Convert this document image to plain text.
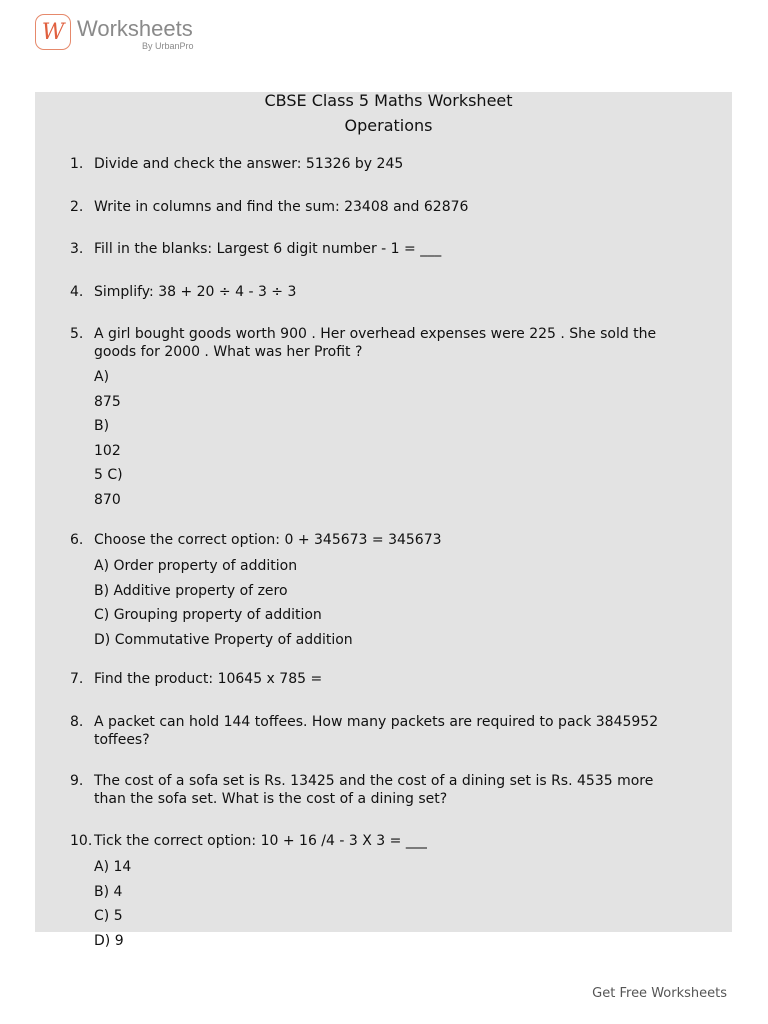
W Worksheets
By UrbanPro
CBSE Class 5 Maths Worksheet
Operations
1. Divide and check the answer: 51326 by 245
2. Write in columns and find the sum: 23408 and 62876
3. Fill in the blanks: Largest 6 digit number - 1 = ___
4. Simplify: 38 + 20 ÷ 4 - 3 ÷ 3
5. A girl bought goods worth 900 . Her overhead expenses were 225 . She sold the goods for 2000 . What was her Profit ?
A)
875
B)
102
5 C)
870
6. Choose the correct option: 0 + 345673 = 345673
A) Order property of addition
B) Additive property of zero
C) Grouping property of addition
D) Commutative Property of addition
7. Find the product: 10645 x 785 =
8. A packet can hold 144 toffees. How many packets are required to pack 3845952 toffees?
9. The cost of a sofa set is Rs. 13425 and the cost of a dining set is Rs. 4535 more than the sofa set. What is the cost of a dining set?
10. Tick the correct option: 10 + 16 /4 - 3 X 3 = ___
A) 14
B) 4
C) 5
D) 9
Get Free Worksheets
